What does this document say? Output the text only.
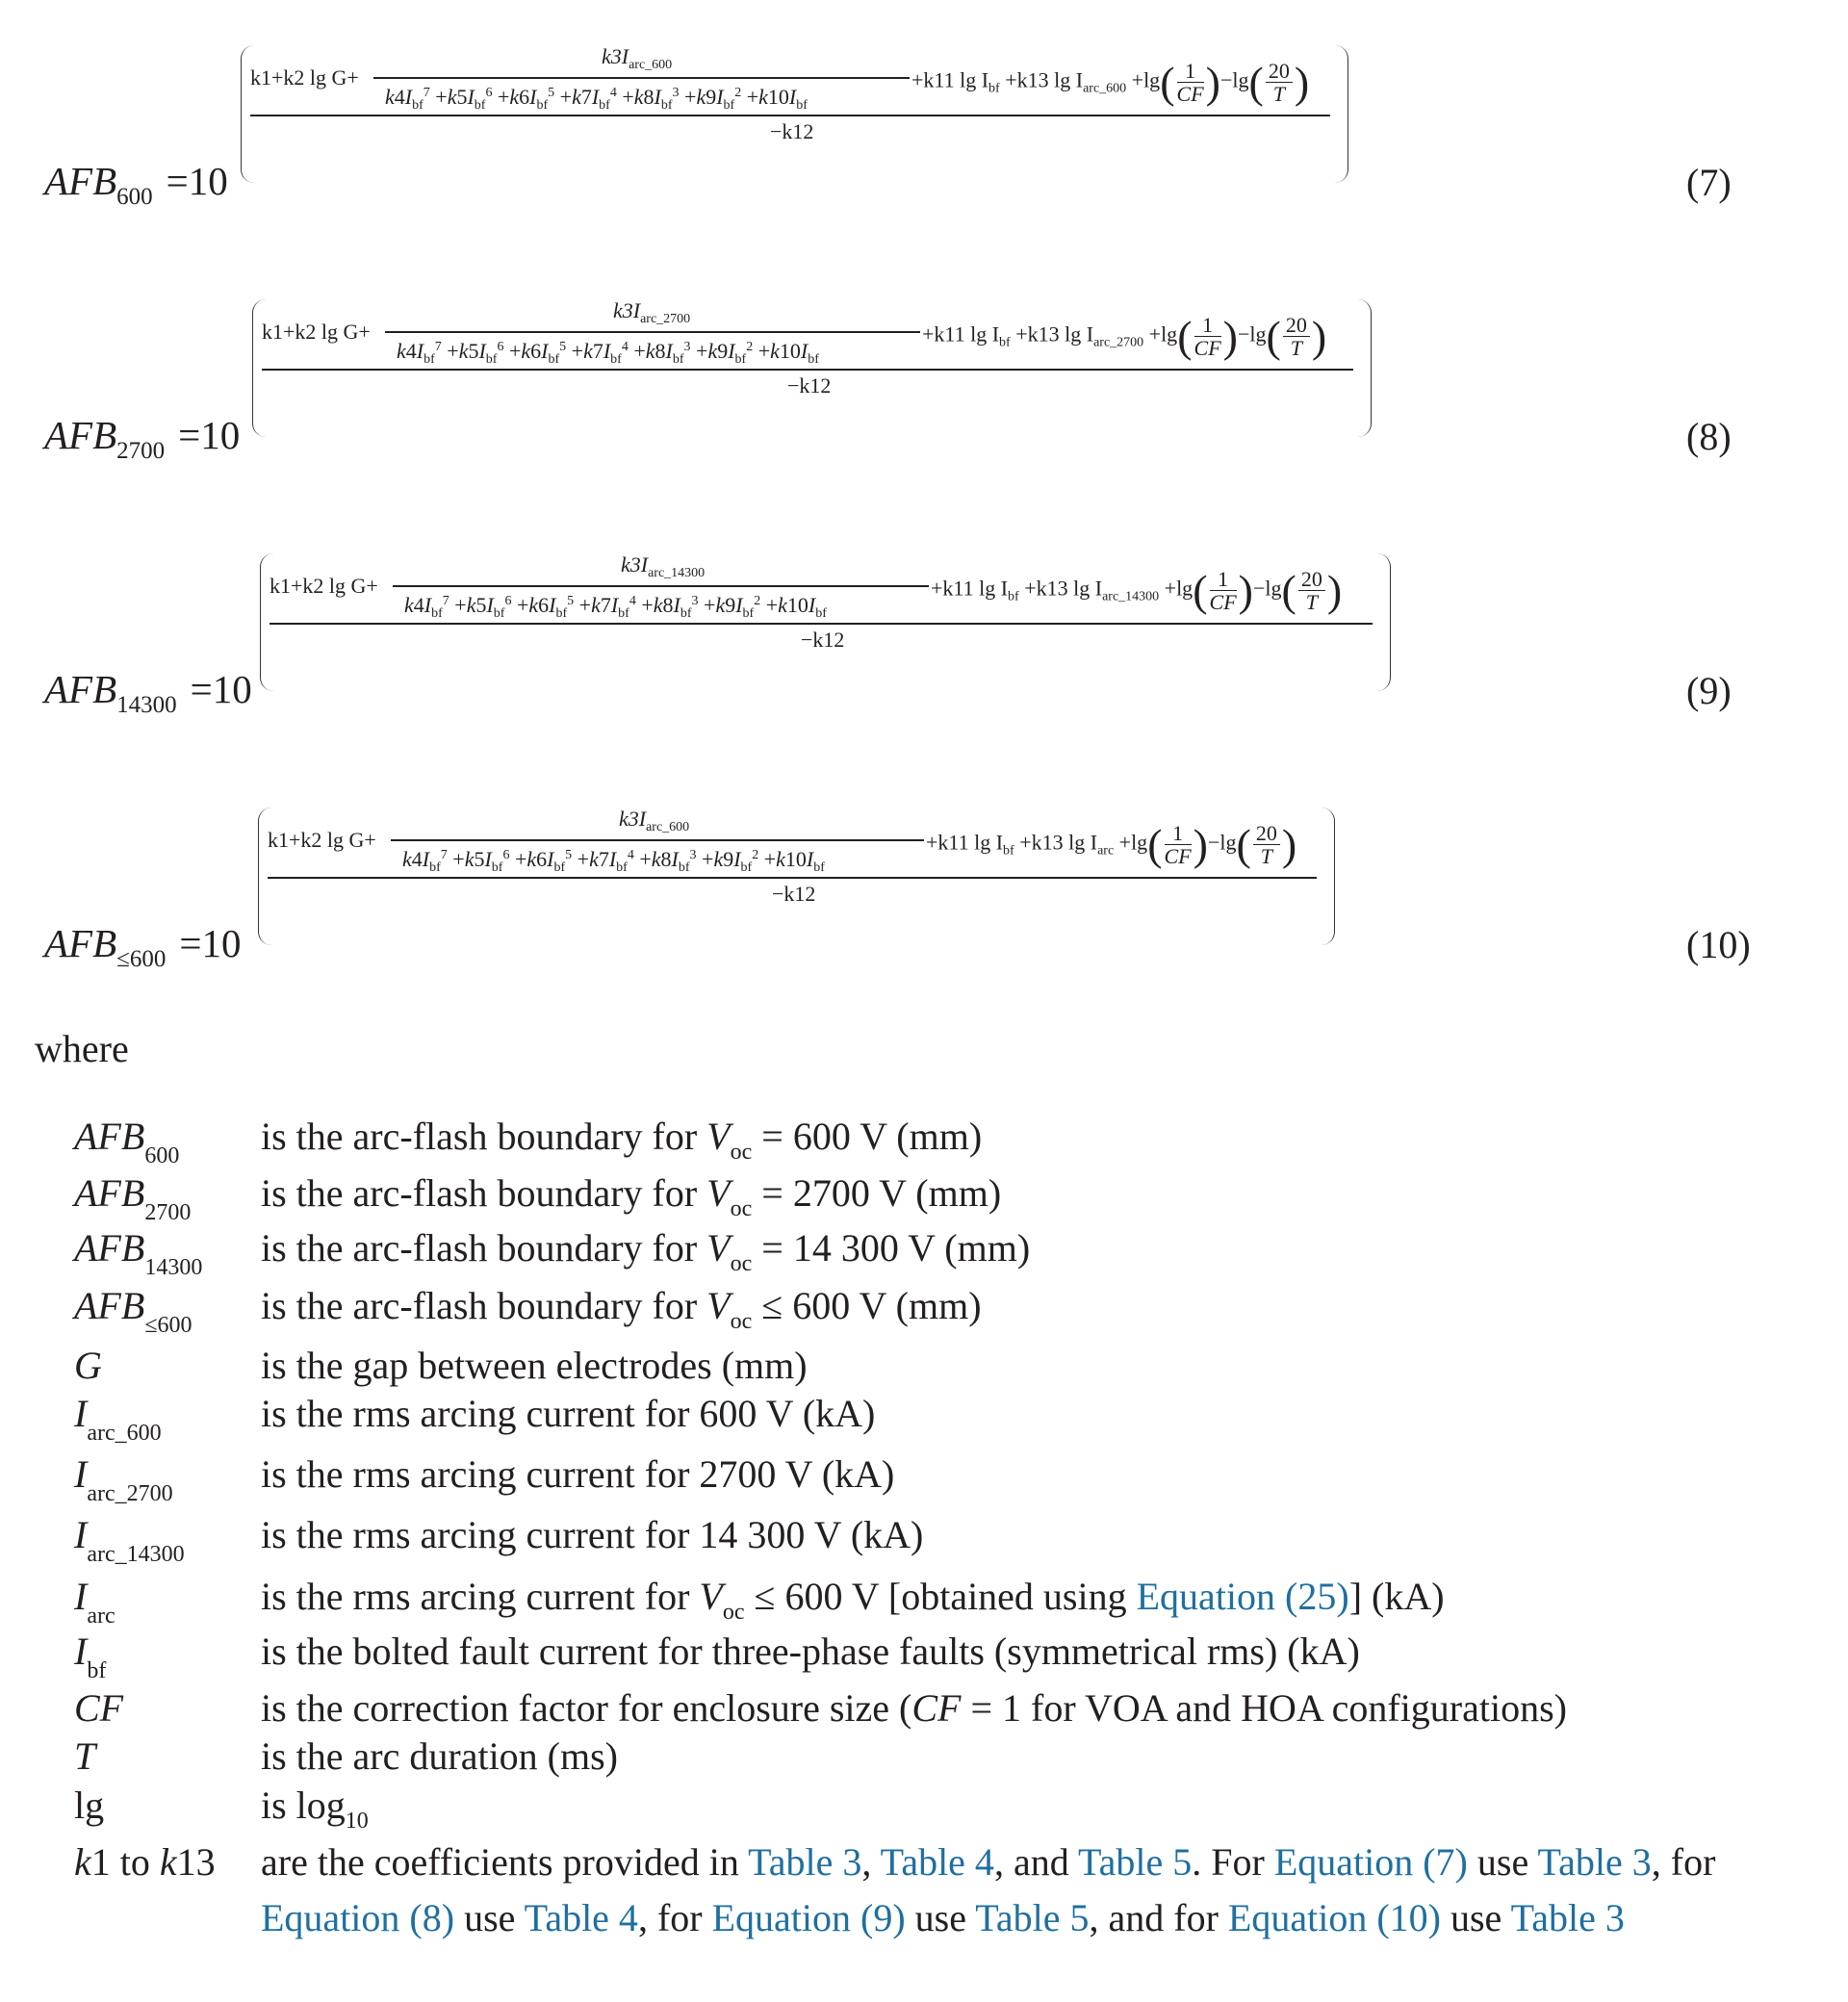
$AFB_{600} =10$
k1+k2 lg G+
$k3I_{arc\_600}$
$k4I_{bf}^7 +k5I_{bf}^6 +k6I_{bf}^5 +k7I_{bf}^4 +k8I_{bf}^3 +k9I_{bf}^2 +k10I_{bf}$
+k11 $\lg I_{bf} +k13$ $\lg I_{arc\_600} +\lg( \frac{1}{CF} )-\lg( \frac{20}{T}$ )
−k12
(7)
$AFB_{2700} =10$
k1+k2 lg G+
$k3I_{arc\_2700}$
$k4I_{bf}^7 +k5I_{bf}^6 +k6I_{bf}^5 +k7I_{bf}^4 +k8I_{bf}^3 +k9I_{bf}^2 +k10I_{bf}$
+k11 $\lg I_{bf} +k13$ $\lg I_{arc\_2700} +\lg( \frac{1}{CF} )-\lg( \frac{20}{T}$ )
−k12
(8)
$AFB_{14300} =10$
k1+k2 lg G+
$k3I_{arc\_14300}$
$k4I_{bf}^7 +k5I_{bf}^6 +k6I_{bf}^5 +k7I_{bf}^4 +k8I_{bf}^3 +k9I_{bf}^2 +k10I_{bf}$
+k11 $\lg I_{bf} +k13$ $\lg I_{arc\_14300} +\lg( \frac{1}{CF} )-\lg( \frac{20}{T}$ )
−k12
(9)
$AFB_{\le 600} =10$
k1+k2 lg G+
$k3I_{arc\_600}$
$k4I_{bf}^7 +k5I_{bf}^6 +k6I_{bf}^5 +k7I_{bf}^4 +k8I_{bf}^3 +k9I_{bf}^2 +k10I_{bf}$
+k11 $\lg I_{bf} +k13$ $\lg I_{arc} +\lg( \frac{1}{CF} )-\lg( \frac{20}{T}$ )
−k12
(10)
where
$AFB_{600}$ is the arc-flash boundary for $V_{oc} = 600$ V (mm)
$AFB_{2700}$ is the arc-flash boundary for $V_{oc} = 2700$ V (mm)
$AFB_{14300}$ is the arc-flash boundary for $V_{oc} = 14$ 300 V (mm)
$AFB_{\le 600}$ is the arc-flash boundary for $V_{oc} \le 600$ V (mm)
G	is the gap between electrodes (mm)
$I_{arc\_600}$	is the rms arcing current for 600 V (kA)
$I_{arc\_2700}$ is the rms arcing current for 2700 V (kA)
$I_{arc\_14300}$ is the rms arcing current for 14 300 V (kA)
$I_{arc}$	is the rms arcing current for $V_{oc} \le 600$ V [obtained using Equation (25)] (kA)
$I_{bf}$	is the bolted fault current for three-phase faults (symmetrical rms) (kA)
CF	is the correction factor for enclosure size (CF = 1 for VOA and HOA configurations)
T	is the arc duration (ms)
lg	is $\log_{10}$
k1 to k13 are the coefficients provided in Table 3, Table 4, and Table 5. For Equation (7) use Table 3, for
Equation (8) use Table 4, for Equation (9) use Table 5, and for Equation (10) use Table 3
